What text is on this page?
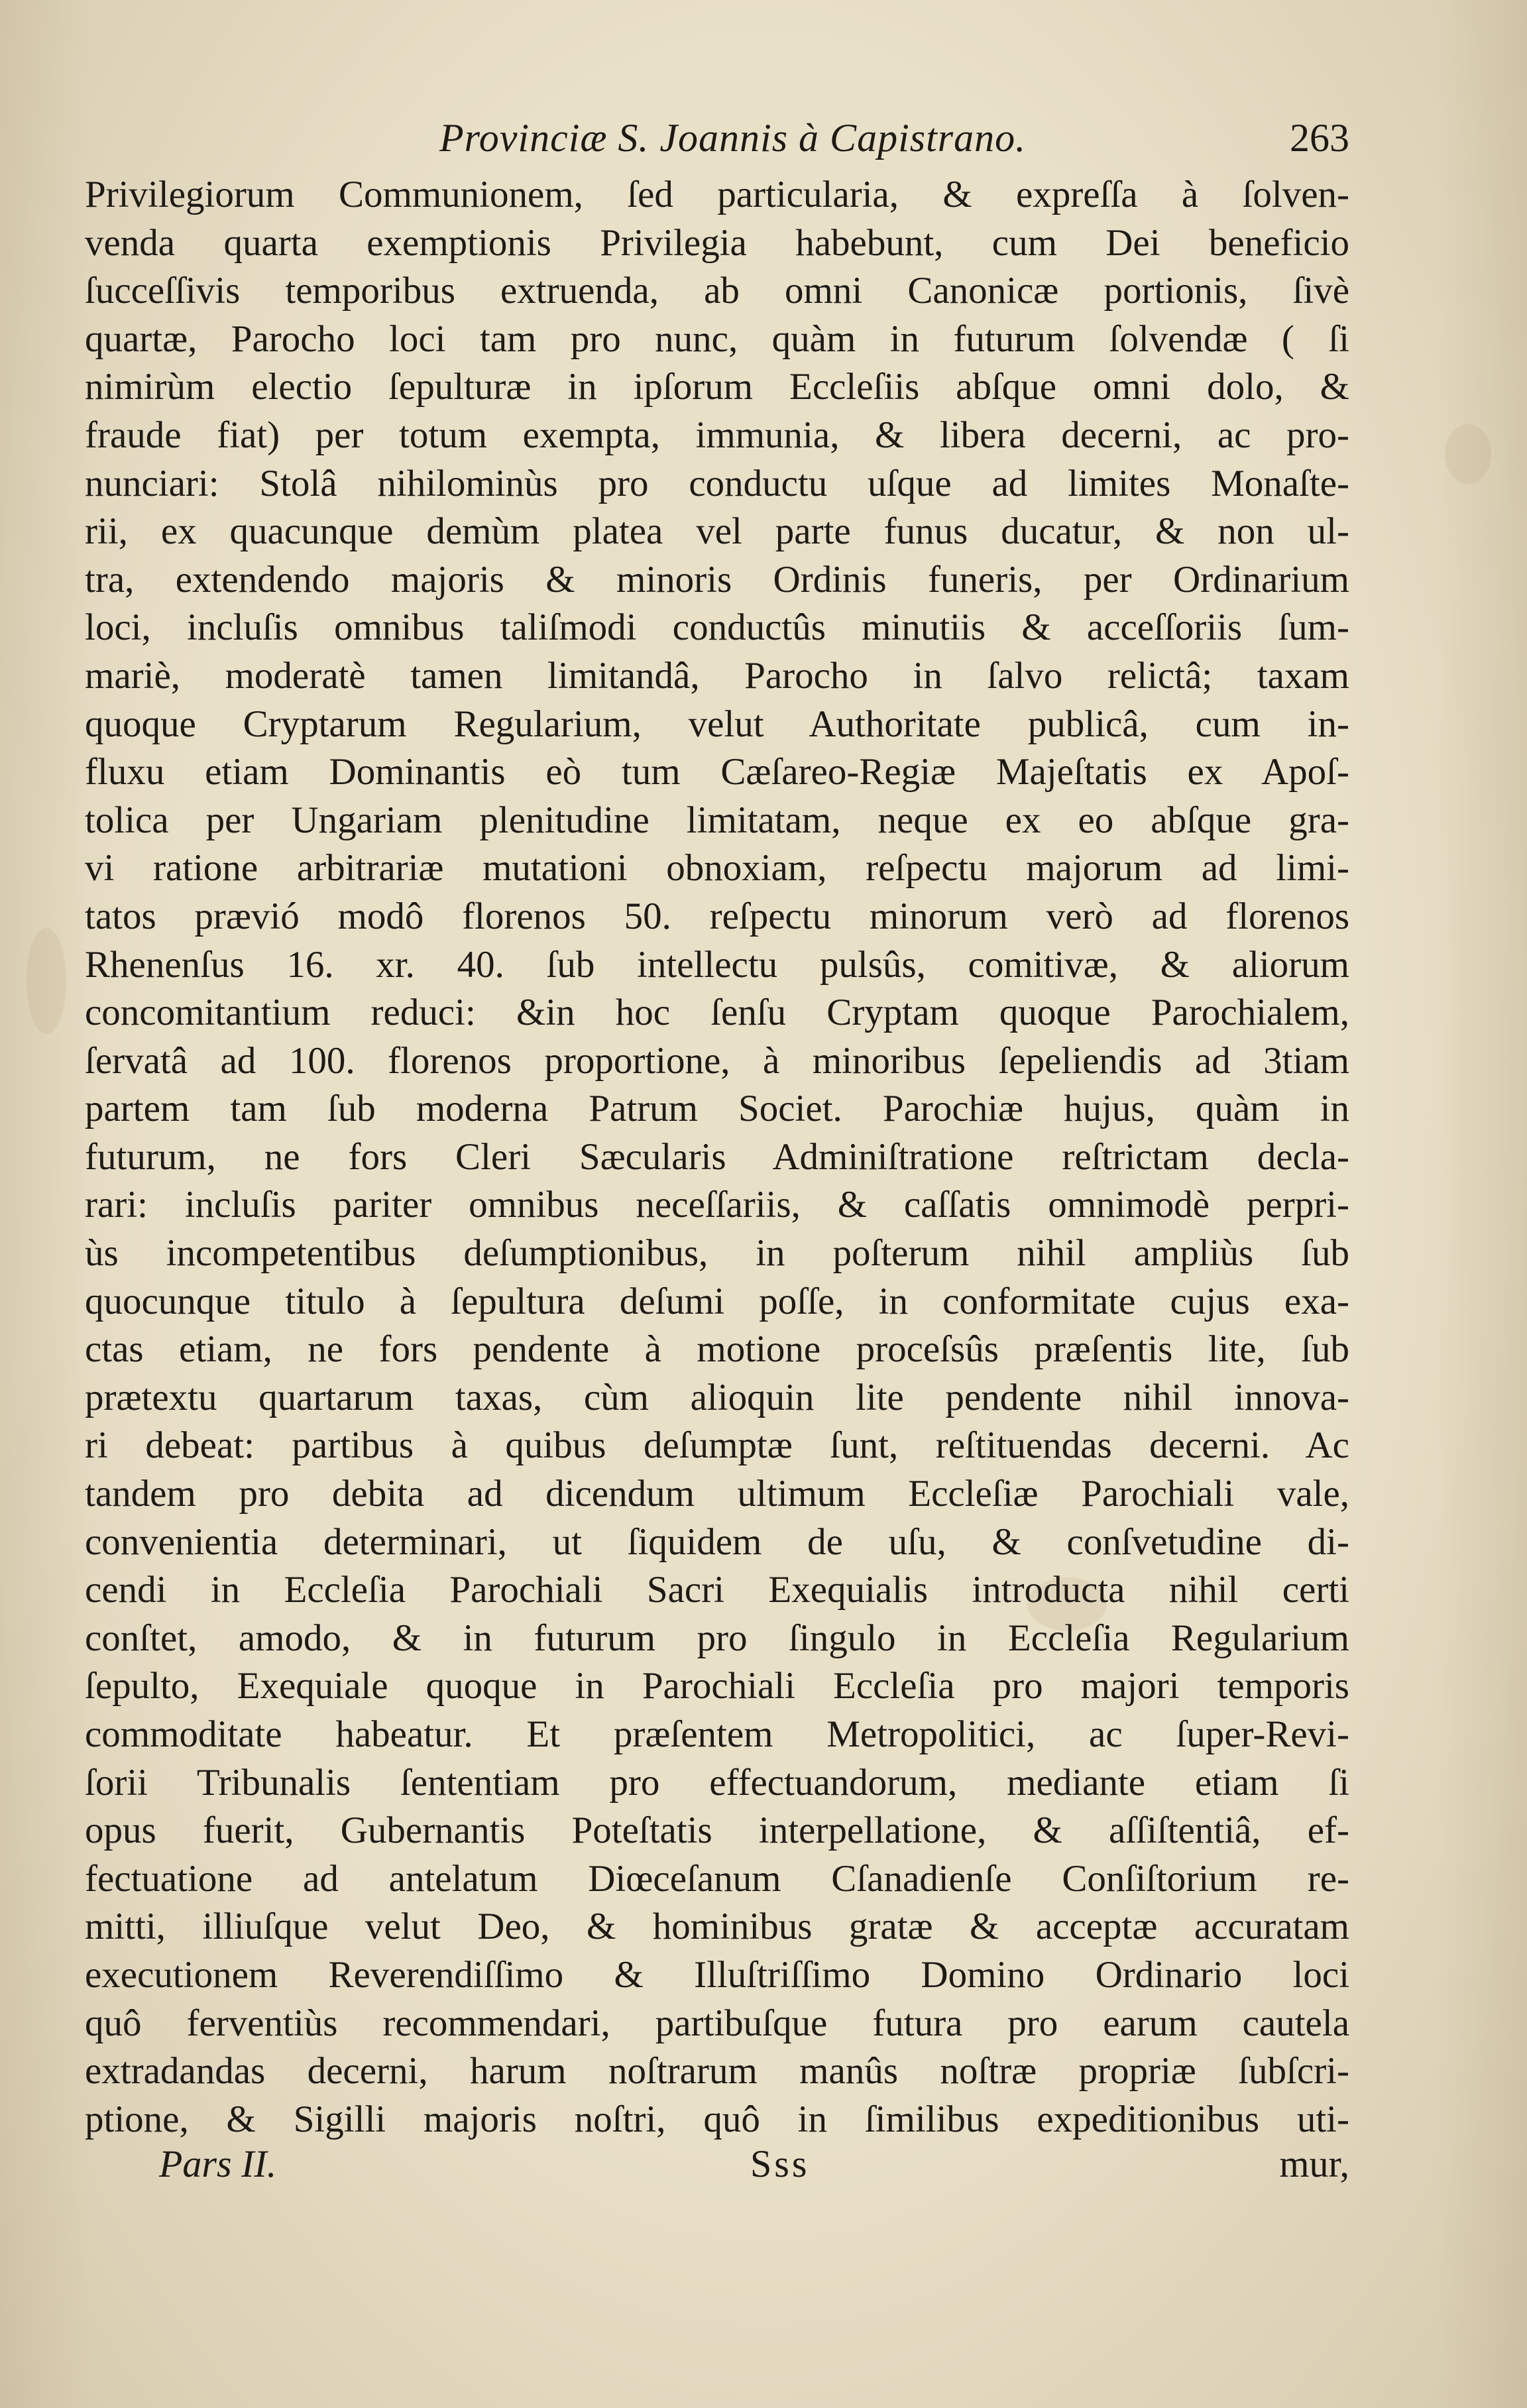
Provinciæ S. Joannis à Capistrano.	263
Privilegiorum Communionem, ſed particularia, & expreſſa à ſolven-
venda quarta exemptionis Privilegia habebunt, cum Dei beneficio
ſucceſſivis temporibus extruenda, ab omni Canonicæ portionis, ſivè
quartæ, Parocho loci tam pro nunc, quàm in futurum ſolvendæ ( ſi
nimirùm electio ſepulturæ in ipſorum Eccleſiis abſque omni dolo, &
fraude fiat) per totum exempta, immunia, & libera decerni, ac pro-
nunciari: Stolâ nihilominùs pro conductu uſque ad limites Monaſte-
rii, ex quacunque demùm platea vel parte funus ducatur, & non ul-
tra, extendendo majoris & minoris Ordinis funeris, per Ordinarium
loci, incluſis omnibus taliſmodi conductûs minutiis & acceſſoriis ſum-
mariè, moderatè tamen limitandâ, Parocho in ſalvo relictâ; taxam
quoque Cryptarum Regularium, velut Authoritate publicâ, cum in-
fluxu etiam Dominantis eò tum Cæſareo-Regiæ Majeſtatis ex Apoſ-
tolica per Ungariam plenitudine limitatam, neque ex eo abſque gra-
vi ratione arbitrariæ mutationi obnoxiam, reſpectu majorum ad limi-
tatos prævió modô florenos 50. reſpectu minorum verò ad florenos
Rhenenſus 16. xr. 40. ſub intellectu pulsûs, comitivæ, & aliorum
concomitantium reduci: &in hoc ſenſu Cryptam quoque Parochialem,
ſervatâ ad 100. florenos proportione, à minoribus ſepeliendis ad 3tiam
partem tam ſub moderna Patrum Societ. Parochiæ hujus, quàm in
futurum, ne fors Cleri Sæcularis Adminiſtratione reſtrictam decla-
rari: incluſis pariter omnibus neceſſariis, & caſſatis omnimodè perpri-
ùs incompetentibus deſumptionibus, in poſterum nihil ampliùs ſub
quocunque titulo à ſepultura deſumi poſſe, in conformitate cujus exa-
ctas etiam, ne fors pendente à motione proceſsûs præſentis lite, ſub
prætextu quartarum taxas, cùm alioquin lite pendente nihil innova-
ri debeat: partibus à quibus deſumptæ ſunt, reſtituendas decerni. Ac
tandem pro debita ad dicendum ultimum Eccleſiæ Parochiali vale,
convenientia determinari, ut ſiquidem de uſu, & conſvetudine di-
cendi in Eccleſia Parochiali Sacri Exequialis introducta nihil certi
conſtet, amodo, & in futurum pro ſingulo in Eccleſia Regularium
ſepulto, Exequiale quoque in Parochiali Eccleſia pro majori temporis
commoditate habeatur. Et præſentem Metropolitici, ac ſuper-Revi-
ſorii Tribunalis ſententiam pro effectuandorum, mediante etiam ſi
opus fuerit, Gubernantis Poteſtatis interpellatione, & aſſiſtentiâ, ef-
fectuatione ad antelatum Diœceſanum Cſanadienſe Conſiſtorium re-
mitti, illiuſque velut Deo, & hominibus gratæ & acceptæ accuratam
executionem Reverendiſſimo & Illuſtriſſimo Domino Ordinario loci
quô ferventiùs recommendari, partibuſque futura pro earum cautela
extradandas decerni, harum noſtrarum manûs noſtræ propriæ ſubſcri-
ptione, & Sigilli majoris noſtri, quô in ſimilibus expeditionibus uti-
Pars II.	Sss	mur,
